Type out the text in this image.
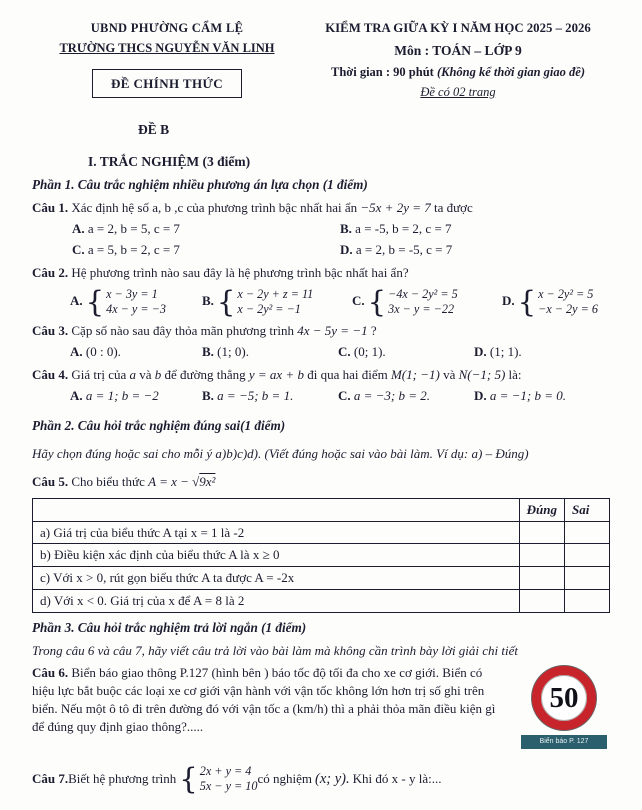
UBND PHƯỜNG CẨM LỆ
TRƯỜNG THCS NGUYỄN VĂN LINH
ĐỀ CHÍNH THỨC
KIỂM TRA GIỮA KỲ I NĂM HỌC 2025 – 2026
Môn : TOÁN – LỚP 9
Thời gian : 90 phút (Không kể thời gian giao đề)
Đề có 02 trang
ĐỀ B
I. TRẮC NGHIỆM (3 điểm)
Phần 1. Câu trắc nghiệm nhiều phương án lựa chọn (1 điểm)
Câu 1. Xác định hệ số a, b ,c của phương trình bậc nhất hai ẩn −5x + 2y = 7 ta được
A. a = 2, b = 5, c = 7	B. a = -5, b = 2, c = 7
C. a = 5, b = 2, c = 7	D. a = 2, b = -5, c = 7
Câu 2. Hệ phương trình nào sau đây là hệ phương trình bậc nhất hai ẩn?
A. { x − 3y = 1
4x − y = −3
B. { x − 2y + z = 11
x − 2y² = −1
C. { −4x − 2y² = 5
3x − y = −22
D. { x − 2y² = 5
−x − 2y = 6
Câu 3. Cặp số nào sau đây thỏa mãn phương trình 4x − 5y = −1 ?
A. (0 : 0).	B. (1; 0).	C. (0; 1).	D. (1; 1).
Câu 4. Giá trị của a và b để đường thẳng y = ax + b đi qua hai điểm M(1; −1) và N(−1; 5) là:
A. a = 1; b = −2	B. a = −5; b = 1.	C. a = −3; b = 2.	D. a = −1; b = 0.
Phần 2. Câu hỏi trắc nghiệm đúng sai(1 điểm)
Hãy chọn đúng hoặc sai cho mỗi ý a)b)c)d). (Viết đúng hoặc sai vào bài làm. Ví dụ: a) – Đúng)
Câu 5. Cho biểu thức A = x − √9x²
	Đúng	Sai
a) Giá trị của biểu thức A tại x = 1 là -2		
b) Điều kiện xác định của biểu thức A là x ≥ 0		
c) Với x > 0, rút gọn biểu thức A ta được A = -2x		
d) Với x < 0. Giá trị của x để A = 8 là 2		
Phần 3. Câu hỏi trắc nghiệm trả lời ngắn (1 điểm)
Trong câu 6 và câu 7, hãy viết câu trả lời vào bài làm mà không cần trình bày lời giải chi tiết
50
Biển báo P. 127
Câu 6. Biển báo giao thông P.127 (hình bên ) báo tốc độ tối đa cho xe cơ giới. Biển có hiệu lực bắt buộc các loại xe cơ giới vận hành với vận tốc không lớn hơn trị số ghi trên biển. Nếu một ô tô đi trên đường đó với vận tốc a (km/h) thì a phải thỏa mãn điều kiện gì để đúng quy định giao thông?.....
Câu 7. Biết hệ phương trình { 2x + y = 4
5x − y = 10 có nghiệm (x; y). Khi đó x - y là:...
